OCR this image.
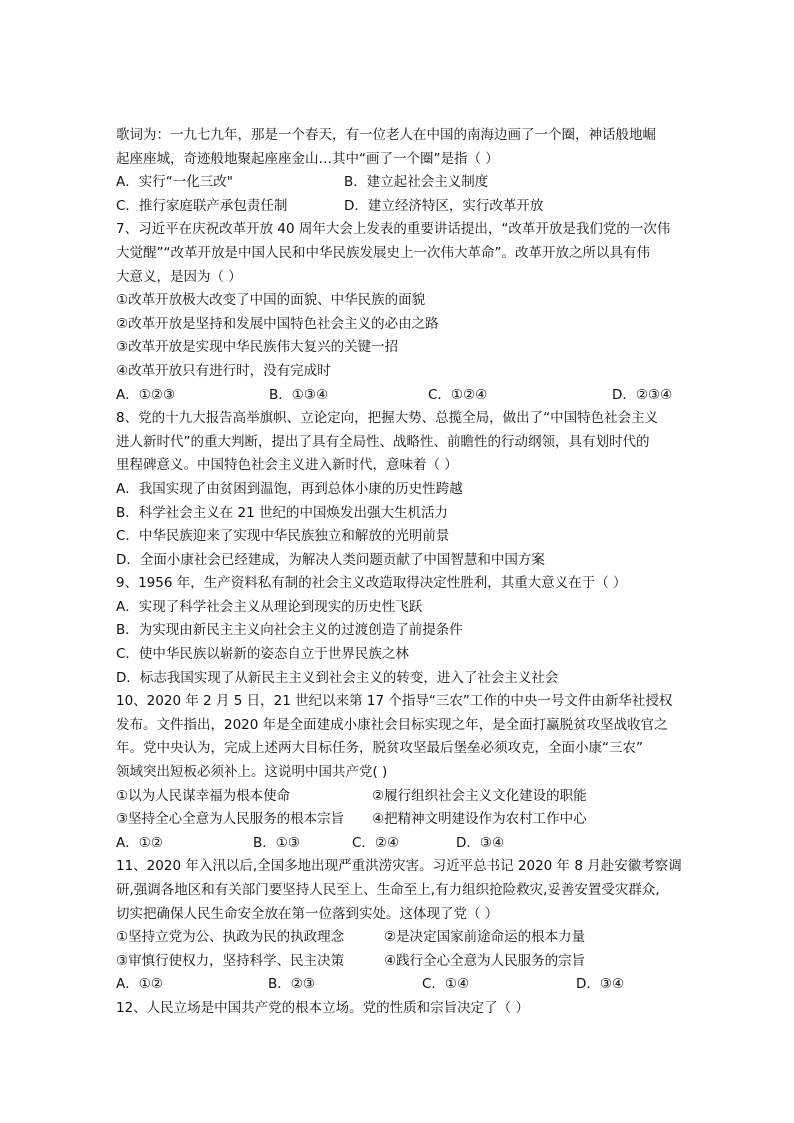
歌词为：一九七九年，那是一个春天，有一位老人在中国的南海边画了一个圈，神话般地崛
起座座城，奇迹般地聚起座座金山…其中“画了一个圈”是指（ ）
A．实行“一化三改"	B．建立起社会主义制度
C．推行家庭联产承包责任制	D．建立经济特区，实行改革开放
7、习近平在庆祝改革开放 40 周年大会上发表的重要讲话提出，“改革开放是我们党的一次伟
大觉醒”“改革开放是中国人民和中华民族发展史上一次伟大革命”。改革开放之所以具有伟
大意义，是因为（ ）
①改革开放极大改变了中国的面貌、中华民族的面貌
②改革开放是坚持和发展中国特色社会主义的必由之路
③改革开放是实现中华民族伟大复兴的关键一招
④改革开放只有进行时，没有完成时
A．①②③	B．①③④	C．①②④	D．②③④
8、党的十九大报告高举旗帜、立论定向，把握大势、总揽全局，做出了“中国特色社会主义
进人新时代”的重大判断，提出了具有全局性、战略性、前瞻性的行动纲领，具有划时代的
里程碑意义。中国特色社会主义进入新时代，意味着（ ）
A．我国实现了由贫困到温饱，再到总体小康的历史性跨越
B．科学社会主义在 21 世纪的中国焕发出强大生机活力
C．中华民族迎来了实现中华民族独立和解放的光明前景
D．全面小康社会已经建成，为解决人类问题贡献了中国智慧和中国方案
9、1956 年，生产资料私有制的社会主义改造取得决定性胜利，其重大意义在于（ ）
A．实现了科学社会主义从理论到现实的历史性飞跃
B．为实现由新民主主义向社会主义的过渡创造了前提条件
C．使中华民族以崭新的姿态自立于世界民族之林
D．标志我国实现了从新民主主义到社会主义的转变，进入了社会主义社会
10、2020 年 2 月 5 日，21 世纪以来第 17 个指导“三农”工作的中央一号文件由新华社授权
发布。文件指出，2020 年是全面建成小康社会目标实现之年，是全面打赢脱贫攻坚战收官之
年。党中央认为，完成上述两大目标任务，脱贫攻坚最后堡垒必须攻克，全面小康“三农”
领域突出短板必须补上。这说明中国共产党( )
①以为人民谋幸福为根本使命	②履行组织社会主义文化建设的职能
③坚持全心全意为人民服务的根本宗旨 ④把精神文明建设作为农村工作中心
A．①②	B．①③	C．②④	D．③④
11、2020 年入汛以后,全国多地出现严重洪涝灾害。习近平总书记 2020 年 8 月赴安徽考察调
研,强调各地区和有关部门要坚持人民至上、生命至上,有力组织抢险救灾,妥善安置受灾群众,
切实把确保人民生命安全放在第一位落到实处。这体现了党（ ）
①坚持立党为公、执政为民的执政理念	②是决定国家前途命运的根本力量
③审慎行使权力，坚持科学、民主决策	④践行全心全意为人民服务的宗旨
A．①②	B．②③	C．①④	D．③④
12、人民立场是中国共产党的根本立场。党的性质和宗旨决定了（ ）
